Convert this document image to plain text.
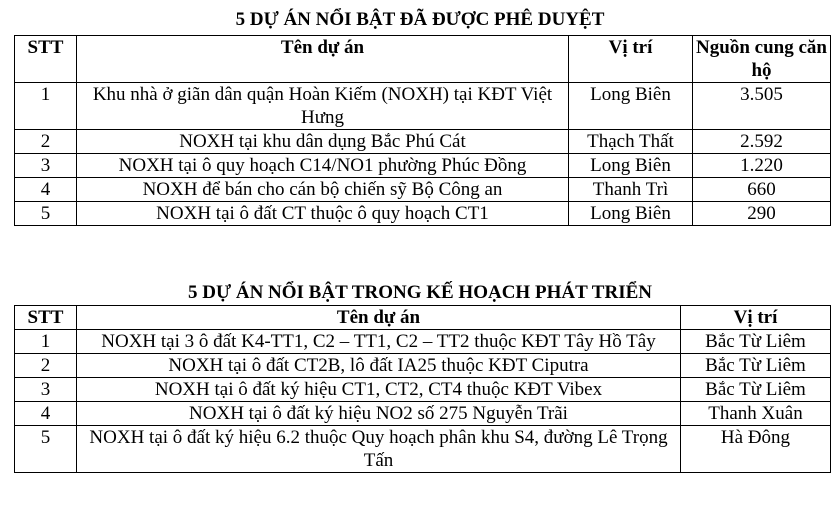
5 DỰ ÁN NỔI BẬT ĐÃ ĐƯỢC PHÊ DUYỆT
STT	Tên dự án	Vị trí	Nguồn cung căn hộ
1	Khu nhà ở giãn dân quận Hoàn Kiếm (NOXH) tại KĐT Việt Hưng	Long Biên	3.505
2	NOXH tại khu dân dụng Bắc Phú Cát	Thạch Thất	2.592
3	NOXH tại ô quy hoạch C14/NO1 phường Phúc Đồng	Long Biên	1.220
4	NOXH để bán cho cán bộ chiến sỹ Bộ Công an	Thanh Trì	660
5	NOXH tại ô đất CT thuộc ô quy hoạch CT1	Long Biên	290
5 DỰ ÁN NỔI BẬT TRONG KẾ HOẠCH PHÁT TRIỂN
STT	Tên dự án	Vị trí
1	NOXH tại 3 ô đất K4-TT1, C2 – TT1, C2 – TT2 thuộc KĐT Tây Hồ Tây	Bắc Từ Liêm
2	NOXH tại ô đất CT2B, lô đất IA25 thuộc KĐT Ciputra	Bắc Từ Liêm
3	NOXH tại ô đất ký hiệu CT1, CT2, CT4 thuộc KĐT Vibex	Bắc Từ Liêm
4	NOXH tại ô đất ký hiệu NO2 số 275 Nguyễn Trãi	Thanh Xuân
5	NOXH tại ô đất ký hiệu 6.2 thuộc Quy hoạch phân khu S4, đường Lê Trọng Tấn	Hà Đông
